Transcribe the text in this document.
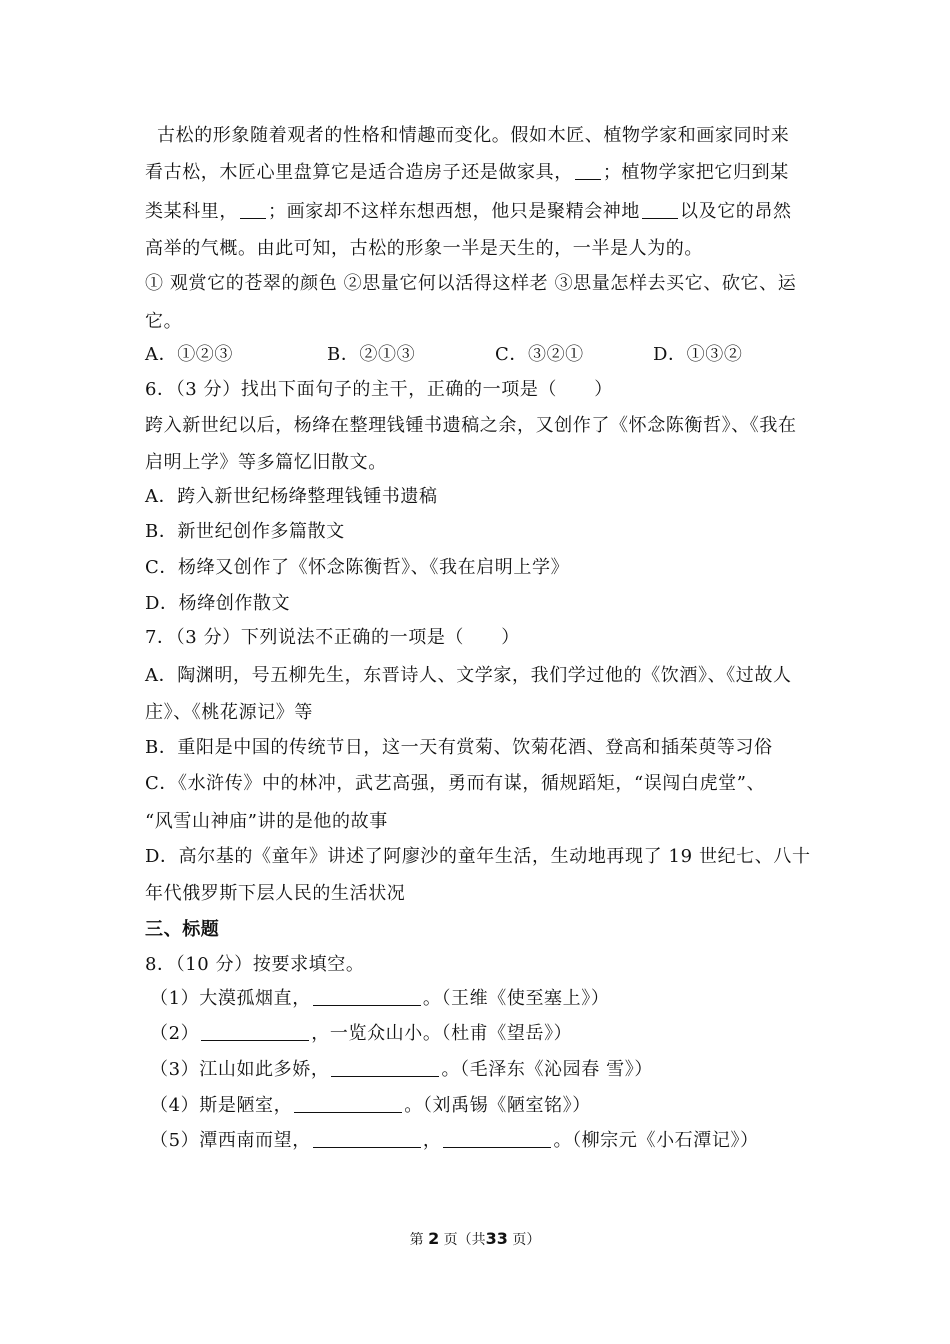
古松的形象随着观者的性格和情趣而变化。假如木匠、植物学家和画家同时来
看古松，木匠心里盘算它是适合造房子还是做家具， ；植物学家把它归到某
类某科里， ；画家却不这样东想西想，他只是聚精会神地 以及它的昂然
高举的气概。由此可知，古松的形象一半是天生的，一半是人为的。
① 观赏它的苍翠的颜色 ②思量它何以活得这样老 ③思量怎样去买它、砍它、运
它。
A．①②③	B．②①③	C．③②①	D．①③②
6．（3 分）找出下面句子的主干，正确的一项是（　　）
跨入新世纪以后，杨绛在整理钱锺书遗稿之余，又创作了《怀念陈衡哲》、《我在
启明上学》等多篇忆旧散文。
A．跨入新世纪杨绛整理钱锺书遗稿
B．新世纪创作多篇散文
C．杨绛又创作了《怀念陈衡哲》、《我在启明上学》
D．杨绛创作散文
7．（3 分）下列说法不正确的一项是（　　）
A．陶渊明，号五柳先生，东晋诗人、文学家，我们学过他的《饮酒》、《过故人
庄》、《桃花源记》等
B．重阳是中国的传统节日，这一天有赏菊、饮菊花酒、登高和插茱萸等习俗
C．《水浒传》中的林冲，武艺高强，勇而有谋，循规蹈矩，“误闯白虎堂”、
“风雪山神庙”讲的是他的故事
D．高尔基的《童年》讲述了阿廖沙的童年生活，生动地再现了 19 世纪七、八十
年代俄罗斯下层人民的生活状况
三、标题
8．（10 分）按要求填空。
（1）大漠孤烟直，	。（王维《使至塞上》）
（2）	，一览众山小。（杜甫《望岳》）
（3）江山如此多娇，	。（毛泽东《沁园春 雪》）
（4）斯是陋室，	。（刘禹锡《陋室铭》）
（5）潭西南而望，	，	。（柳宗元《小石潭记》）
第 2 页（共33 页）
